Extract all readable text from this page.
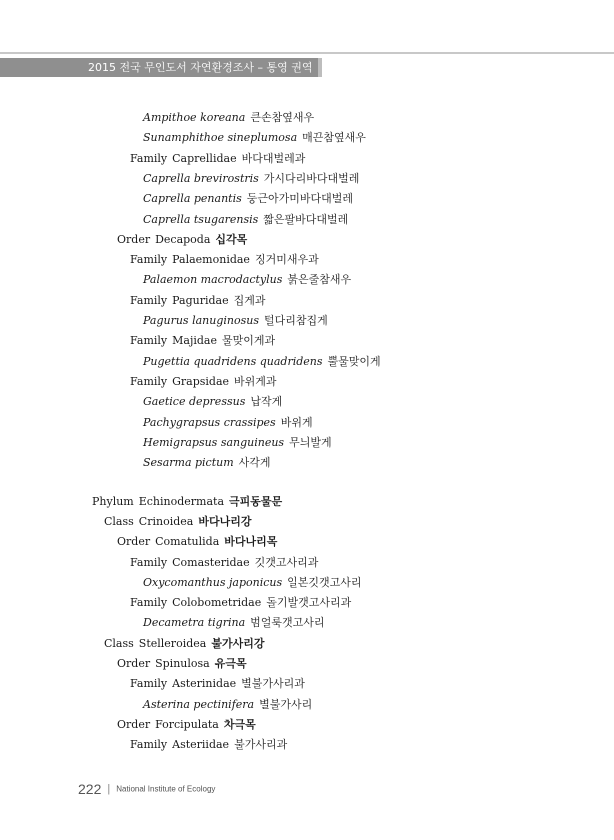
2015 전국 무인도서 자연환경조사 – 통영 권역
Ampithoe koreana 큰손참옆새우
Sunamphithoe sineplumosa 매끈참옆새우
Family Caprellidae 바다대벌레과
Caprella brevirostris 가시다리바다대벌레
Caprella penantis 둥근아가미바다대벌레
Caprella tsugarensis 짧은팔바다대벌레
Order Decapoda 십각목
Family Palaemonidae 징거미새우과
Palaemon macrodactylus 붉은줄참새우
Family Paguridae 집게과
Pagurus lanuginosus 털다리참집게
Family Majidae 물맞이게과
Pugettia quadridens quadridens 뿔물맞이게
Family Grapsidae 바위게과
Gaetice depressus 납작게
Pachygrapsus crassipes 바위게
Hemigrapsus sanguineus 무늬발게
Sesarma pictum 사각게
Phylum Echinodermata 극피동물문
Class Crinoidea 바다나리강
Order Comatulida 바다나리목
Family Comasteridae 깃갯고사리과
Oxycomanthus japonicus 일본깃갯고사리
Family Colobometridae 돌기발갯고사리과
Decametra tigrina 범얼룩갯고사리
Class Stelleroidea 불가사리강
Order Spinulosa 유극목
Family Asterinidae 별불가사리과
Asterina pectinifera 별불가사리
Order Forcipulata 차극목
Family Asteriidae 불가사리과
222 | National Institute of Ecology
